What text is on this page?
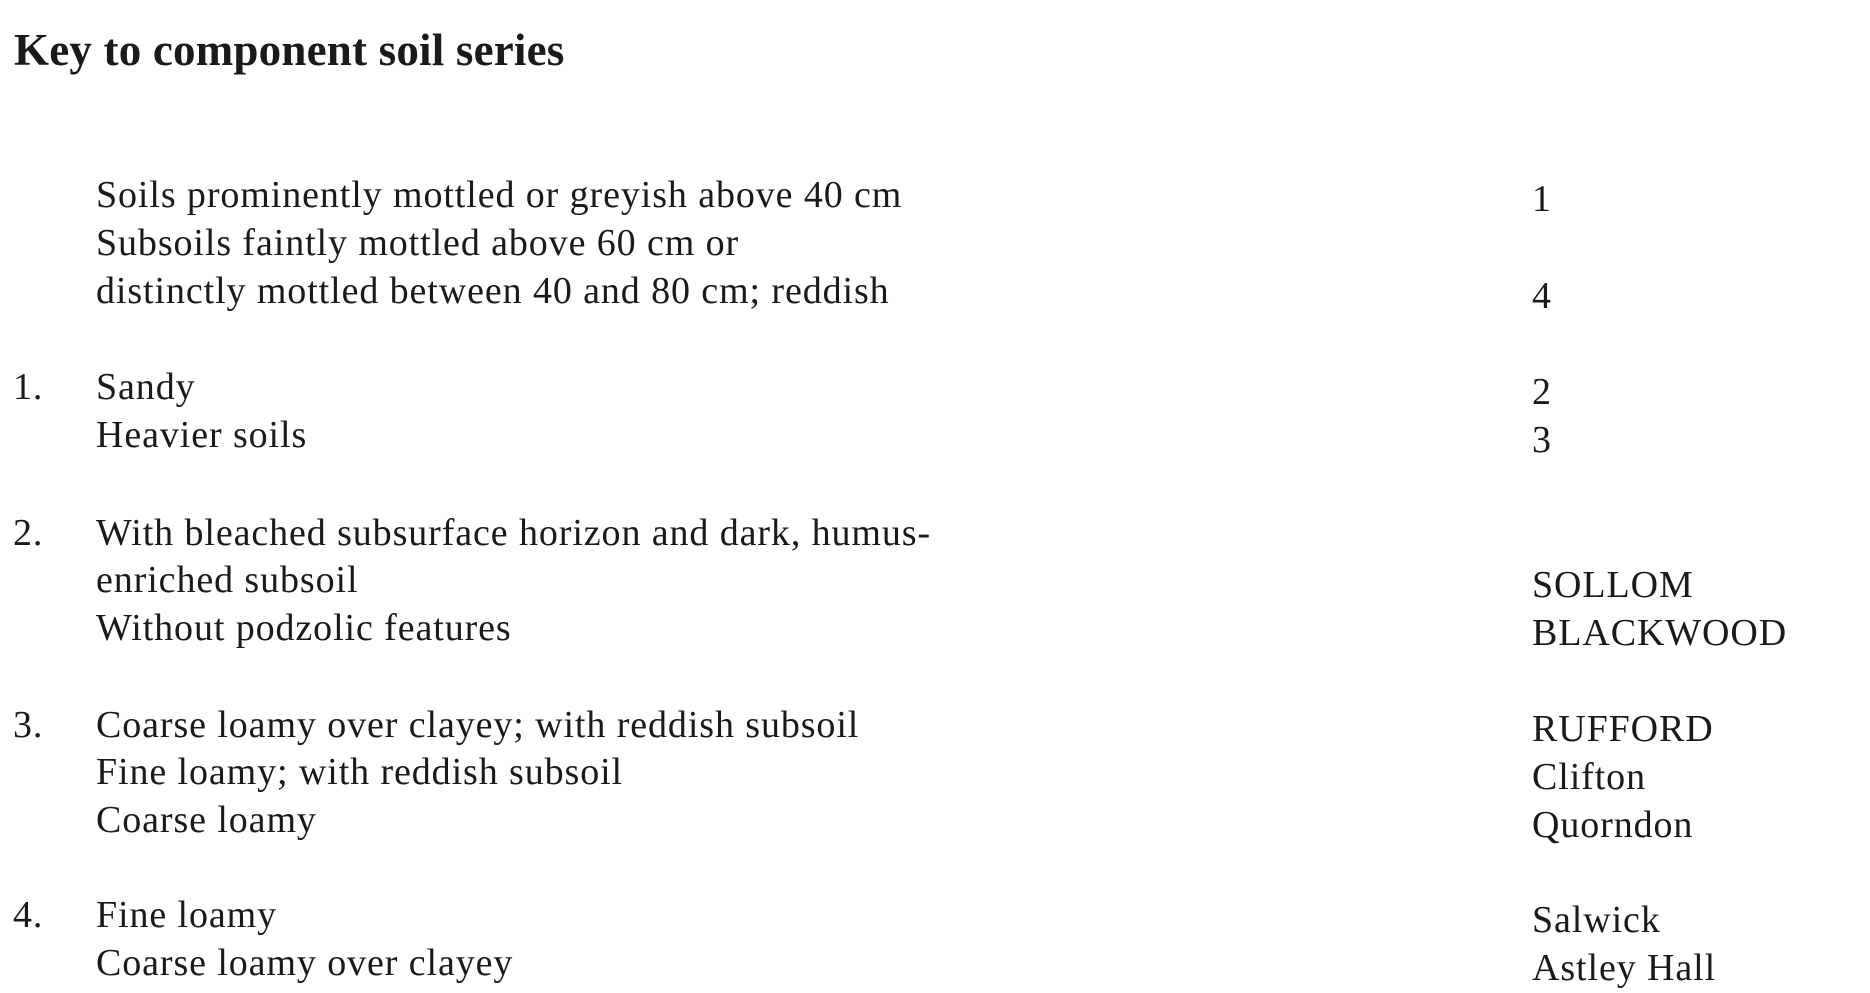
Key to component soil series
Soils prominently mottled or greyish above 40 cm	1
Subsoils faintly mottled above 60 cm or
distinctly mottled between 40 and 80 cm; reddish	4
1. Sandy	2
Heavier soils	3
2. With bleached subsurface horizon and dark, humus-
enriched subsoil	SOLLOM
Without podzolic features	BLACKWOOD
3. Coarse loamy over clayey; with reddish subsoil	RUFFORD
Fine loamy; with reddish subsoil	Clifton
Coarse loamy	Quorndon
4. Fine loamy	Salwick
Coarse loamy over clayey	Astley Hall
